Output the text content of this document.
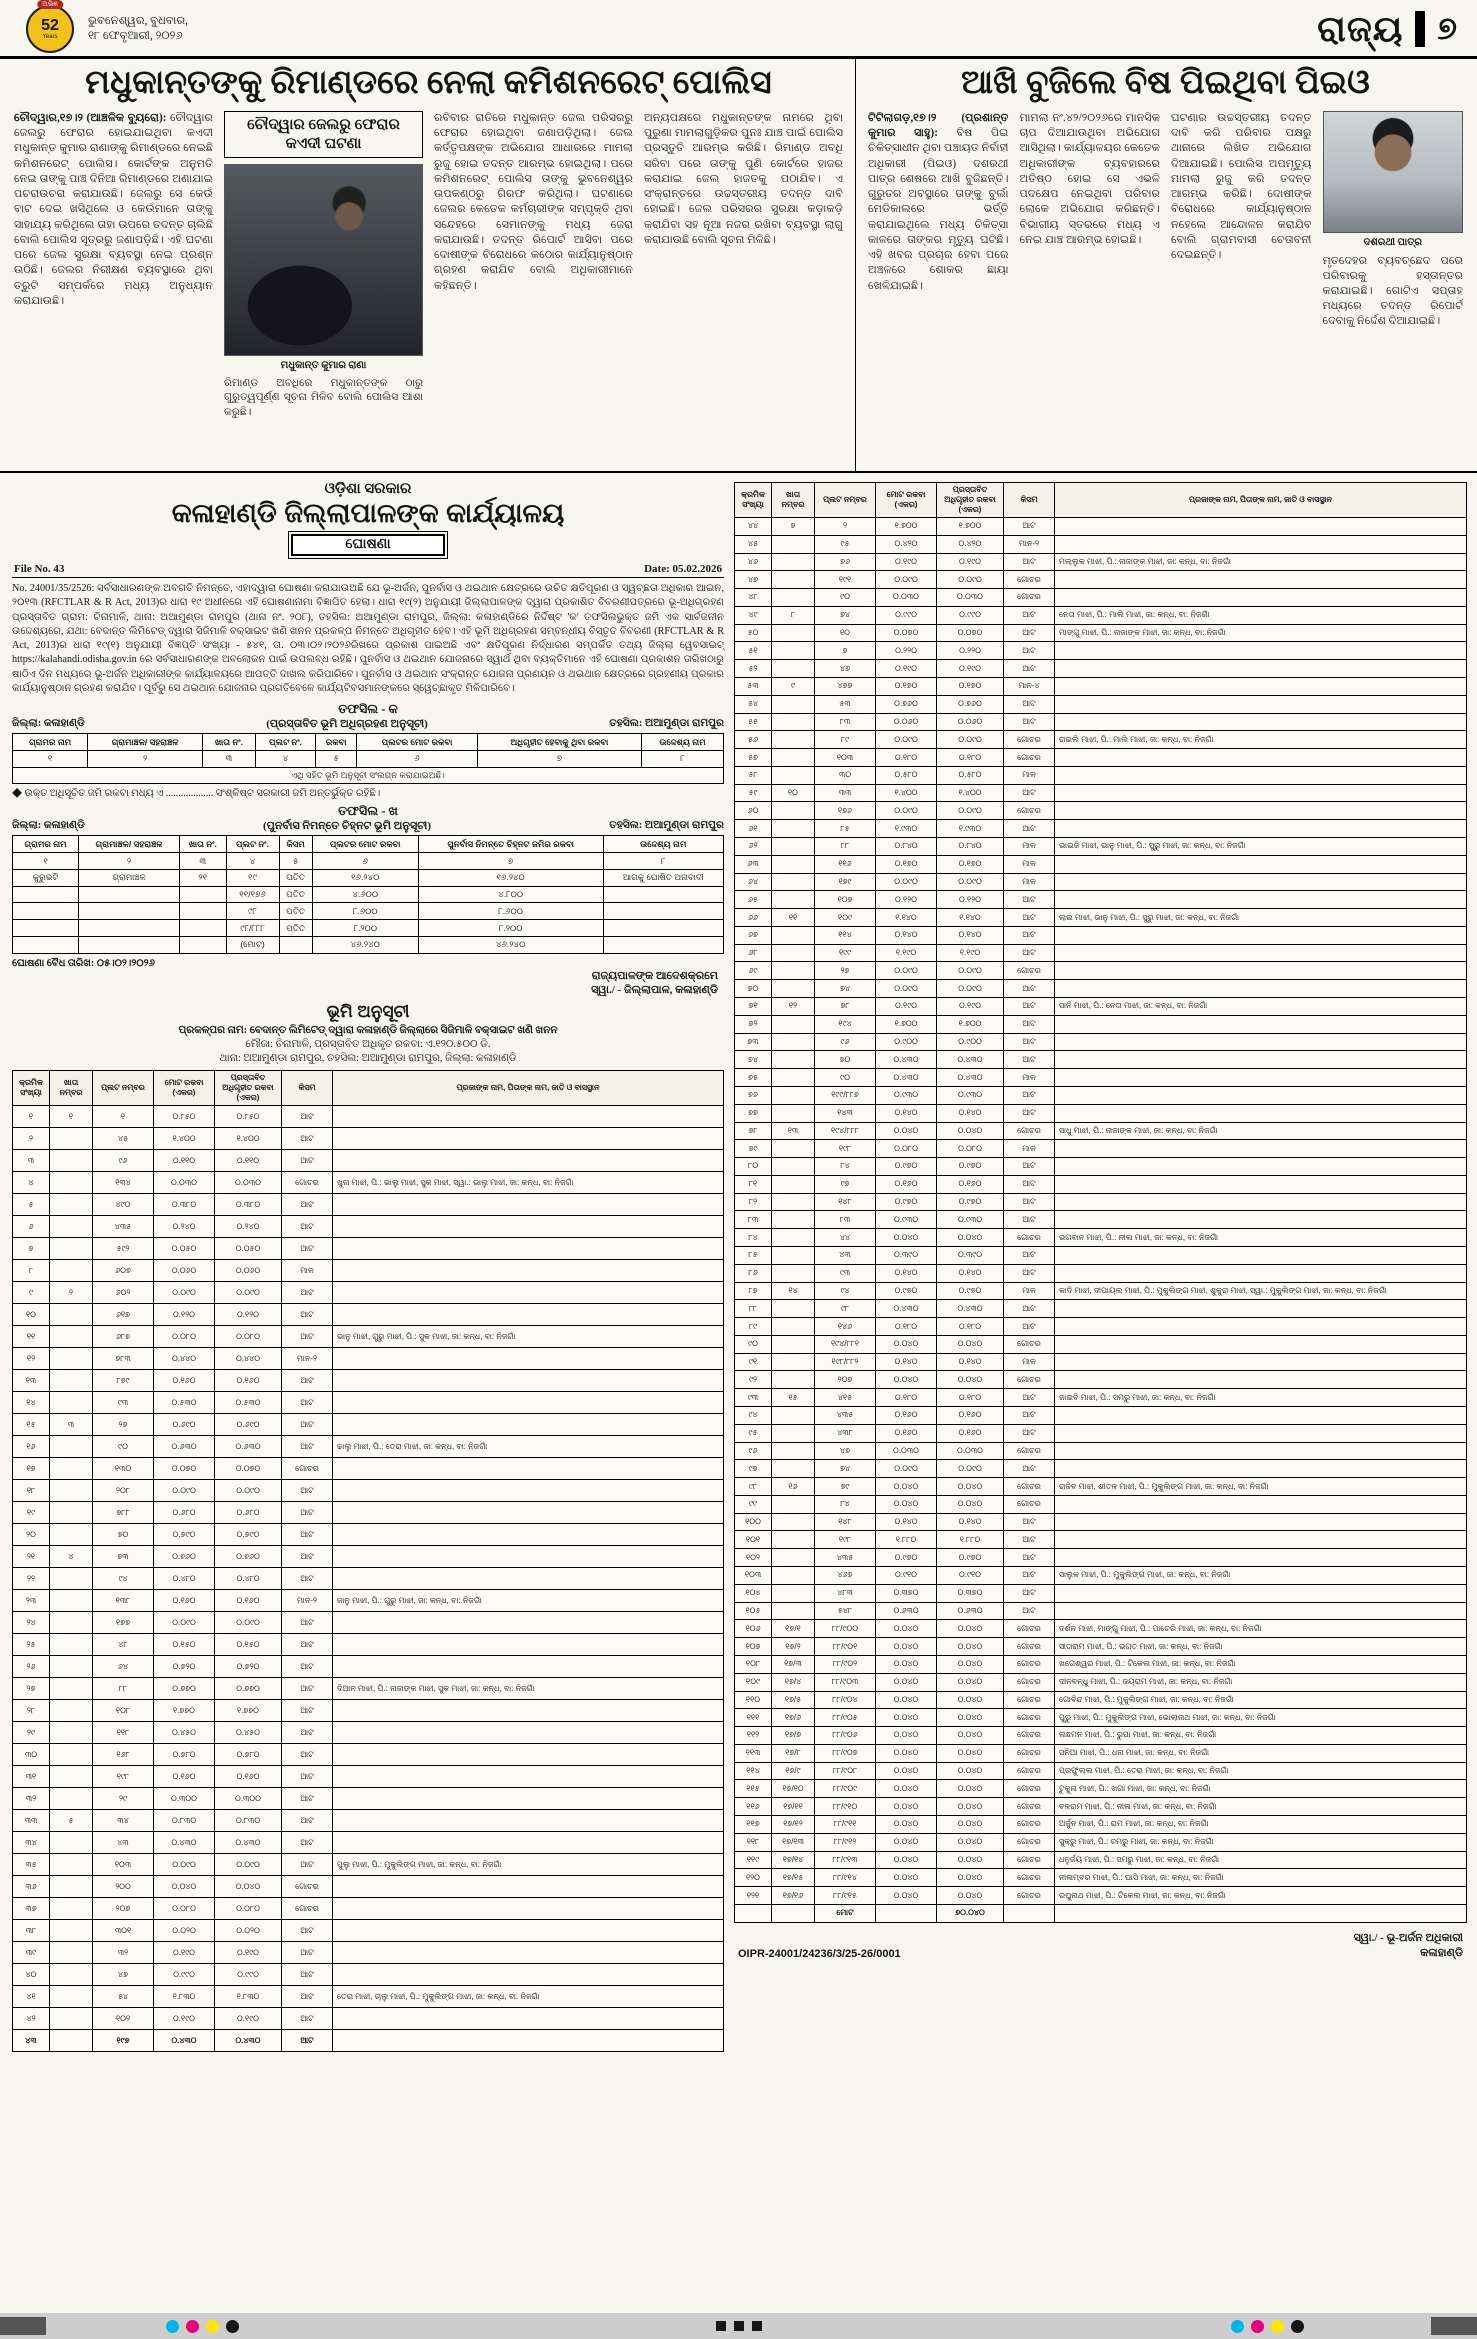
ଅଭିଜ୍ଞ
52
Years
ଭୁବନେଶ୍ୱର, ବୁଧବାର,
୧୮ ଫେବୃଆରୀ, ୨୦୨୬	ରାଜ୍ୟ ୭
ମଧୁକାନ୍ତଙ୍କୁ ରିମାଣ୍ଡରେ ନେଲା କମିଶନରେଟ୍ ପୋଲିସ

ଚୌଦ୍ୱାର,୧୭।୨ (ଆଞ୍ଚଳିକ ବ୍ୟୁରୋ): ଚୌଦ୍ୱାର ଜେଲରୁ ଫେରାର ହୋଇଯାଇଥିବା କଏଦୀ ମଧୁକାନ୍ତ କୁମାର ରାଣାଙ୍କୁ ରିମାଣ୍ଡରେ ନେଇଛି କମିଶନରେଟ୍ ପୋଲିସ। କୋର୍ଟଙ୍କ ଅନୁମତି ନେଇ ତାଙ୍କୁ ପାଞ୍ଚ ଦିନିଆ ରିମାଣ୍ଡରେ ଅଣାଯାଇ ପଚରାଉଚରା କରାଯାଉଛି। ଜେଲରୁ ସେ କେଉଁ ବାଟ ଦେଇ ଖସିଥିଲେ ଓ କେଉଁମାନେ ତାଙ୍କୁ ସାହାଯ୍ୟ କରିଥିଲେ ତାହା ଉପରେ ତଦନ୍ତ ଚାଲିଛି ବୋଲି ପୋଲିସ ସୂତ୍ରରୁ ଜଣାପଡ଼ିଛି। ଏହି ଘଟଣା ପରେ ଜେଲ ସୁରକ୍ଷା ବ୍ୟବସ୍ଥା ନେଇ ପ୍ରଶ୍ନ ଉଠିଛି। ଜେଲର ନିରୀକ୍ଷଣ ବ୍ୟବସ୍ଥାରେ ଥିବା ତ୍ରୁଟି ସମ୍ପର୍କରେ ମଧ୍ୟ ଅନୁଧ୍ୟାନ କରାଯାଉଛି।

ଚୌଦ୍ୱାର ଜେଲରୁ ଫେରାର କଏଦୀ ଘଟଣା
ମଧୁକାନ୍ତ କୁମାର ରାଣା

ରିମାଣ୍ଡ ଅବଧିରେ ମଧୁକାନ୍ତଙ୍କ ଠାରୁ ଗୁରୁତ୍ୱପୂର୍ଣ୍ଣ ସୂଚନା ମିଳିବ ବୋଲି ପୋଲିସ ଆଶା କରୁଛି।

ରବିବାର ରାତିରେ ମଧୁକାନ୍ତ ଜେଲ ପରିସରରୁ ଫେରାର ହୋଇଥିବା ଜଣାପଡ଼ିଥିଲା। ଜେଲ କର୍ତ୍ତୃପକ୍ଷଙ୍କ ଅଭିଯୋଗ ଆଧାରରେ ମାମଲା ରୁଜୁ ହୋଇ ତଦନ୍ତ ଆରମ୍ଭ ହୋଇଥିଲା। ପରେ କମିଶନରେଟ୍ ପୋଲିସ ତାଙ୍କୁ ଭୁବନେଶ୍ୱର ଉପକଣ୍ଠରୁ ଗିରଫ କରିଥିଲା। ଘଟଣାରେ ଜେଲର କେତେକ କର୍ମଚାରୀଙ୍କ ସମ୍ପୃକ୍ତି ଥିବା ସନ୍ଦେହରେ ସେମାନଙ୍କୁ ମଧ୍ୟ ଜେରା କରାଯାଉଛି। ତଦନ୍ତ ରିପୋର୍ଟ ଆସିବା ପରେ ଦୋଷୀଙ୍କ ବିରୋଧରେ କଠୋର କାର୍ଯ୍ୟାନୁଷ୍ଠାନ ଗ୍ରହଣ କରାଯିବ ବୋଲି ଅଧିକାରୀମାନେ କହିଛନ୍ତି।

ଅନ୍ୟପକ୍ଷରେ ମଧୁକାନ୍ତଙ୍କ ନାମରେ ଥିବା ପୁରୁଣା ମାମଲାଗୁଡ଼ିକର ପୁନଃ ଯାଞ୍ଚ ପାଇଁ ପୋଲିସ ପ୍ରସ୍ତୁତି ଆରମ୍ଭ କରିଛି। ରିମାଣ୍ଡ ଅବଧି ସରିବା ପରେ ତାଙ୍କୁ ପୁଣି କୋର୍ଟରେ ହାଜର କରାଯାଇ ଜେଲ ହାଜତକୁ ପଠାଯିବ। ଏ ସଂକ୍ରାନ୍ତରେ ଉଚ୍ଚସ୍ତରୀୟ ତଦନ୍ତ ଦାବି ହୋଇଛି। ଜେଲ ପରିସରର ସୁରକ୍ଷା କଡ଼ାକଡ଼ି କରାଯିବା ସହ ନୂଆ ନଜର ରଖିବା ବ୍ୟବସ୍ଥା ଲାଗୁ କରାଯାଉଛି ବୋଲି ସୂଚନା ମିଳିଛି।

ଆଖି ବୁଜିଲେ ବିଷ ପିଇଥିବା ପିଇଓ

ଟିଟିଲାଗଡ଼,୧୭।୨ (ପ୍ରଶାନ୍ତ କୁମାର ସାହୁ): ବିଷ ପିଇ ଚିକିତ୍ସାଧୀନ ଥିବା ପଞ୍ଚାୟତ ନିର୍ବାହୀ ଅଧିକାରୀ (ପିଇଓ) ଦଶରଥୀ ପାତ୍ର ଶେଷରେ ଆଖି ବୁଜିଛନ୍ତି। ଗୁରୁତର ଅବସ୍ଥାରେ ତାଙ୍କୁ ବୁର୍ଲା ମେଡିକାଲରେ ଭର୍ତ୍ତି କରାଯାଇଥିଲେ ମଧ୍ୟ ଚିକିତ୍ସା କାଳରେ ତାଙ୍କର ମୃତ୍ୟୁ ଘଟିଛି। ଏହି ଖବର ପ୍ରଚାର ହେବା ପରେ ଅଞ୍ଚଳରେ ଶୋକର ଛାୟା ଖେଳିଯାଇଛି।

ମାମଲା ନଂ.୪୨/୨୦୨୬ରେ ମାନସିକ ଚାପ ଦିଆଯାଉଥିବା ଅଭିଯୋଗ ଆସିଥିଲା। କାର୍ଯ୍ୟାଳୟର କେତେକ ଅଧିକାରୀଙ୍କ ବ୍ୟବହାରରେ ଅତିଷ୍ଠ ହୋଇ ସେ ଏଭଳି ପଦକ୍ଷେପ ନେଇଥିବା ପରିବାର ଲୋକେ ଅଭିଯୋଗ କରିଛନ୍ତି। ବିଭାଗୀୟ ସ୍ତରରେ ମଧ୍ୟ ଏ ନେଇ ଯାଞ୍ଚ ଆରମ୍ଭ ହୋଇଛି।

ଘଟଣାର ଉଚ୍ଚସ୍ତରୀୟ ତଦନ୍ତ ଦାବି କରି ପରିବାର ପକ୍ଷରୁ ଥାନାରେ ଲିଖିତ ଅଭିଯୋଗ ଦିଆଯାଇଛି। ପୋଲିସ ଅପମୃତ୍ୟୁ ମାମଲା ରୁଜୁ କରି ତଦନ୍ତ ଆରମ୍ଭ କରିଛି। ଦୋଷୀଙ୍କ ବିରୋଧରେ କାର୍ଯ୍ୟାନୁଷ୍ଠାନ ନହେଲେ ଆନ୍ଦୋଳନ କରାଯିବ ବୋଲି ଗ୍ରାମବାସୀ ଚେତାବନୀ ଦେଇଛନ୍ତି।

ଦଶରଥୀ ପାତ୍ର

ମୃତଦେହର ବ୍ୟବଚ୍ଛେଦ ପରେ ପରିବାରକୁ ହସ୍ତାନ୍ତର କରାଯାଇଛି। ଗୋଟିଏ ସପ୍ତାହ ମଧ୍ୟରେ ତଦନ୍ତ ରିପୋର୍ଟ ଦେବାକୁ ନିର୍ଦ୍ଦେଶ ଦିଆଯାଇଛି।

ଓଡ଼ିଶା ସରକାର
କଳାହାଣ୍ଡି ଜିଲ୍ଲାପାଳଙ୍କ କାର୍ଯ୍ୟାଳୟ
ଘୋଷଣା
File No. 43	Date: 05.02.2026

No. 24001/35/2526: ସର୍ବସାଧାରଣଙ୍କ ଅବଗତି ନିମନ୍ତେ, ଏହାଦ୍ୱାରା ଘୋଷଣା କରାଯାଉଅଛି ଯେ ଭୂ-ଅର୍ଜନ, ପୁନର୍ବାସ ଓ ଥଇଥାନ କ୍ଷେତ୍ରରେ ଉଚିତ କ୍ଷତିପୂରଣ ଓ ସ୍ୱଚ୍ଛତା ଅଧିକାର ଆଇନ, ୨୦୧୩ (RFCTLAR & R Act, 2013)ର ଧାରା ୧୯ ଅଧୀନରେ ଏହି ଘୋଷଣାନାମା ବିଜ୍ଞାପିତ ହେଲା। ଧାରା ୧୯(୨) ଅନୁଯାୟୀ ଜିଲ୍ଲାପାଳଙ୍କ ଦ୍ୱାରା ପ୍ରକାଶିତ ବିବରଣୀପତ୍ରରେ ଭୂ-ଅଧିଗ୍ରହଣ ପ୍ରସ୍ତାବିତ ଗ୍ରାମ: ଚିନାମାଳି, ଥାନା: ଅଆମୁଣ୍ଡା ରାମପୁର (ଥାନା ନଂ. ୨୦୮), ତହସିଲ: ଅଆମୁଣ୍ଡା ରାମପୁର, ଜିଲ୍ଲା: କଳାହାଣ୍ଡିରେ ନିର୍ଦ୍ଦିଷ୍ଟ 'କ' ତଫସିଲଭୁକ୍ତ ଜମି ଏକ ସାର୍ବଜନୀନ ଉଦ୍ଦେଶ୍ୟରେ, ଯଥା: ବେଦାନ୍ତ ଲିମିଟେଡ୍ ଦ୍ୱାରା ସିଜିମାଳି ବକ୍ସାଇଟ ଖଣି ଖନନ ପ୍ରକଳ୍ପ ନିମନ୍ତେ ଅଧିଗୃହୀତ ହେବ। ଏହି ଭୂମି ଅଧିଗ୍ରହଣ ସମ୍ବନ୍ଧୀୟ ବିସ୍ତୃତ ବିବରଣୀ (RFCTLAR & R Act, 2013)ର ଧାରା ୧୯(୧) ଅନୁଯାୟୀ ବିଜ୍ଞପ୍ତି ସଂଖ୍ୟା - ୫୪୧, ତା. ୦୩।୦୨।୨୦୨୬ରିଖରେ ପ୍ରକାଶ ପାଇଅଛି ଏବଂ କ୍ଷତିପୂରଣ ନିର୍ଦ୍ଧାରଣ ସମ୍ପର୍କିତ ତଥ୍ୟ ଜିଲ୍ଲା ୱେବସାଇଟ୍ https://kalahandi.odisha.gov.in ରେ ସର୍ବସାଧାରଣଙ୍କ ଅବଲୋକନ ପାଇଁ ଉପଲବ୍ଧ ରହିଛି। ପୁନର୍ବାସ ଓ ଥଇଥାନ ଯୋଜନାରେ ସ୍ୱାର୍ଥ ଥିବା ବ୍ୟକ୍ତିମାନେ ଏହି ଘୋଷଣା ପ୍ରକାଶନ ତାରିଖଠାରୁ ଷାଠିଏ ଦିନ ମଧ୍ୟରେ ଭୂ-ଅର୍ଜନ ଅଧିକାରୀଙ୍କ କାର୍ଯ୍ୟାଳୟରେ ଆପତ୍ତି ଦାଖଲ କରିପାରିବେ। ପୁନର୍ବାସ ଓ ଥଇଥାନ ସଂକ୍ରାନ୍ତ ଯୋଜନା ପ୍ରଣୟନ ଓ ଥଇଥାନ କ୍ଷେତ୍ରରେ ଗ୍ରହଣୀୟ ପ୍ରକାର କାର୍ଯ୍ୟାନୁଷ୍ଠାନ ଗ୍ରହଣ କରାଯିବ। ପୂର୍ବରୁ ସେ ଥଇଥାନ ଯୋଜନାର ପ୍ରଗତିବେଳେ କାର୍ଯ୍ୟଟିବସମାନଙ୍କରେ ସ୍ୱେଚ୍ଛାକୃତ ମିଳିପାରିବେ।

ତଫସିଲ - କ
ଜିଲ୍ଲା: କଳାହାଣ୍ଡି	(ପ୍ରସ୍ତାବିତ ଭୂମି ଅଧିଗ୍ରହଣ ଅନୁସୂଚୀ)	ତହସିଲ: ଅଆମୁଣ୍ଡା ରାମପୁର
ଗ୍ରାମର ନାମ	ଗ୍ରାମାଞ୍ଚଳ/ ସହରାଞ୍ଚଳ	ଖାତା ନଂ.	ପ୍ଲଟ ନଂ.	ରକବା	ପ୍ଲଟର ମୋଟ ରକବା	ଅଧିଗୃହୀତ ହେବାକୁ ଥିବା ରକବା	ଉଦ୍ଦେଶ୍ୟ ନାମ
୧	୨	୩	୪	୫	୬	୭	୮
ଏଥି ସହିତ ଭୂମି ଅନୁସୂଚୀ ସଂଲଗ୍ନ କରାଯାଇଅଛି।							

◆ ଉକ୍ତ ଅଧିସୂଚିତ ଜମି ରକବା ମଧ୍ୟ ଏ ................... ସଂଶ୍ଳିଷ୍ଟ ସରକାରୀ ଜମି ଅନ୍ତର୍ଭୁକ୍ତ ରହିଛି।

ତଫସିଲ - ଖ
ଜିଲ୍ଲା: କଳାହାଣ୍ଡି	(ପୁନର୍ବାସ ନିମନ୍ତେ ଚିହ୍ନଟ ଭୂମି ଅନୁସୂଚୀ)	ତହସିଲ: ଅଆମୁଣ୍ଡା ରାମପୁର
ଗ୍ରାମର ନାମ	ଗ୍ରାମାଞ୍ଚଳ/ ସହରାଞ୍ଚଳ	ଖାତା ନଂ.	ପ୍ଲଟ ନଂ.	କିସମ	ପ୍ଲଟର ମୋଟ ରକବା	ପୁନର୍ବାସ ନିମନ୍ତେ ଚିହ୍ନଟ ଜମିର ରକବା	ଉଦ୍ଦେଶ୍ୟ ନାମ
୧	୨	୩	୪	୫	୬	୭	୮
କୁରୁଭଟି	ଗ୍ରାମାଞ୍ଚଳ	୨୧	୧୯	ପତିତ	୧୬.୨୪୦	୧୬.୨୪୦	ଆଗକୁ ଘୋଷିତ ଅନାବାଦୀ
			୧୧/୧୭୬	ପତିତ	୪.୬୦୦	୪.୮୦୦	
			୯୮	ପତିତ	୮.୬୦୦	୮.୬୦୦	
			୯୮/୮୮୮	ପତିତ	୮.୨୦୦	୮.୨୦୦	
			(ମୋଟ)		୪୬.୨୪୦	୪୬.୨୪୦	
ଘୋଷଣା ବୈଧ ତାରିଖ: ୦୫।୦୨।୨୦୨୬
ରାଜ୍ୟପାଳଙ୍କ ଆଦେଶକ୍ରମେ
ସ୍ୱା./ - ଜିଲ୍ଲାପାଳ, କଳାହାଣ୍ଡି
ଭୂମି ଅନୁସୂଚୀ

ପ୍ରକଳ୍ପର ନାମ: ବେଦାନ୍ତ ଲିମିଟେଡ୍ ଦ୍ୱାରା କଳାହାଣ୍ଡି ଜିଲ୍ଲାରେ ସିଜିମାଳି ବକ୍ସାଇଟ ଖଣି ଖନନ

ମୌଜା: ଚିନାମାଳି, ପ୍ରସ୍ତାବିତ ଅଧିକୃତ ରକବା: ଏ.୧୨୦.୫୦୦ ଡି.

ଥାନା: ଅଆମୁଣ୍ଡା ରାମପୁର, ତହସିଲ: ଅଆମୁଣ୍ଡା ରାମପୁର, ଜିଲ୍ଲା: କଳାହାଣ୍ଡି

କ୍ରମିକ ସଂଖ୍ୟା	ଖାତା ନମ୍ବର	ପ୍ଲଟ ନମ୍ବର	ମୋଟ ରକବା (ଏକର)	ପ୍ରସ୍ତାବିତ ଅଧିଗୃହୀତ ରକବା (ଏକର)	କିସମ	ପ୍ରଜାଙ୍କ ନାମ, ପିତାଙ୍କ ନାମ, ଜାତି ଓ ବାସସ୍ଥାନ
୧	୧	୧	୦.୮୫୦	୦.୮୫୦	ଆଟ	
୨		୪୫	୧.୪୦୦	୧.୪୦୦	ଆଟ	
୩		୯୬	୦.୧୧୦	୦.୧୧୦	ଆଟ	
୪		୧୩୪	୦.୦୩୦	୦.୦୩୦	ଗୋଚର	ଖୁନା ମାଝୀ, ପି.: ଭାଲୁ ମାଝୀ, ସୁକ ମାଝୀ, ସ୍ୱା.: ଭାଲୁ ମାଝୀ, ଜା: କନ୍ଧ, ବା: ନିଜଗାଁ
୫		୪୯୦	୦.୩୮୦	୦.୩୮୦	ଆଟ	
୬		୪୩୫	୦.୨୪୦	୦.୨୪୦	ଆଟ	
୭		୫୯୨	୦.୦୫୦	୦.୦୫୦	ଆଟ	
୮		୬୦୭	୦.୦୬୦	୦.୦୬୦	ମାଳ	
୯	୨	୬୦୨	୦.୦୯୦	୦.୦୯୦	ଆଟ	
୧୦		୬୧୭	୦.୧୨୦	୦.୧୨୦	ଆଟ	
୧୧		୬୮୭	୦.୦୮୦	୦.୦୮୦	ଆଟ	ଭାନୁ ମାଝୀ, ଗୁରୁ ମାଝୀ, ପି.: ସୁକ ମାଝୀ, ଜା: କନ୍ଧ, ବା: ନିଜଗାଁ
୧୨		୭୮୩	୦.୪୪୦	୦.୪୪୦	ମାନ-୨	
୧୩		୮୭୯	୦.୧୬୦	୦.୧୬୦	ଆଟ	
୧୪		୯୩	୦.୫୩୦	୦.୫୩୦	ଆଟ	
୧୫	୩	୨୭	୦.୬୯୦	୦.୬୯୦	ଆଟ	
୧୬		୯୦	୦.୬୩୦	୦.୬୩୦	ଆଟ	ଢାଲୁ ମାଝୀ, ପି.: ତେରା ମାଝୀ, ଜା: କନ୍ଧ, ବା: ନିଜଗାଁ
୧୭		୧୩୦	୦.୦୭୦	୦.୦୭୦	ଗୋଚର	
୧୮		୨୦୮	୦.୦୯୦	୦.୦୯୦	ଆଟ	
୧୯		୭୮୮	୦.୬୮୦	୦.୬୮୦	ଆଟ	
୨୦		୭୦	୦.୭୯୦	୦.୭୯୦	ଆଟ	
୨୧	୪	୭୩	୦.୭୬୦	୦.୭୬୦	ଆଟ	
୨୨		୯୪	୦.୪୮୦	୦.୪୮୦	ଆଟ	
୨୩		୧୩୮	୦.୧୬୦	୦.୧୬୦	ମାନ-୨	ଜାନୁ ମାଝୀ, ପି.: ଗୁରୁ ମାଝୀ, ଜା: କନ୍ଧ, ବା: ନିଜଗାଁ
୨୪		୧୭୭	୦.୦୯୦	୦.୦୯୦	ଆଟ	
୨୫		୪୮	୦.୧୫୦	୦.୧୫୦	ଆଟ	
୨୬		୬୪	୦.୭୨୦	୦.୭୨୦	ଆଟ	
୨୭		୮୮	୦.୭୭୦	୦.୭୭୦	ଆଟ	ଦିଆନ ମାଝୀ, ପି.: ନାଜାଙ୍କ ମାଝୀ, ସୁକ ମାଝୀ, ଜା: କନ୍ଧ, ବା: ନିଜଗାଁ
୨୮		୧୦୮	୧.୭୭୦	୧.୭୭୦	ଆଟ	
୨୯		୧୧୮	୦.୪୫୦	୦.୪୫୦	ଆଟ	
୩୦		୧୬୮	୦.୭୮୦	୦.୭୮୦	ଆଟ	
୩୧		୧୯୮	୦.୧୬୦	୦.୧୬୦	ଆଟ	
୩୨		୨୯	୦.୩୦୦	୦.୩୦୦	ଆଟ	
୩୩	୫	୩୪	୦.୮୩୦	୦.୮୩୦	ଆଟ	
୩୪		୪୩	୦.୪୩୦	୦.୪୩୦	ଆଟ	
୩୫		୧୦୩	୦.୦୯୦	୦.୦୯୦	ଆଟ	ପୁଲୁ ମାଝୀ, ପି.: ମୁକୁଲିଙ୍ଗ ମାଝୀ, ଜା: କନ୍ଧ, ବା: ନିଜଗାଁ
୩୬		୨୦୦	୦.୦୪୦	୦.୦୪୦	ଗୋଚର	
୩୭		୨୦୭	୦.୦୮୦	୦.୦୮୦	ଗୋଚର	
୩୮		୩୦୧	୦.୦୨୦	୦.୦୨୦	ଆଟ	
୩୯		୩୨	୦.୧୯୦	୦.୧୯୦	ଆଟ	
୪୦		୪୭	୦.୯୯୦	୦.୯୯୦	ଆଟ	
୪୧		୫୪	୧.୮୩୦	୧.୮୩୦	ଆଟ	ତେରା ମାଝୀ, ଚାଲୁ ମାଝୀ, ପି.: ମୁକୁଲିଙ୍ଗ ମାଝୀ, ଜା: କନ୍ଧ, ବା: ନିଜଗାଁ
୪୨		୧୦୨	୦.୧୯୦	୦.୧୯୦	ଆଟ	
୪୩		୧୯୭	୦.୪୩୦	୦.୪୩୦	ଆଟ	
କ୍ରମିକ ସଂଖ୍ୟା	ଖାତା ନମ୍ବର	ପ୍ଲଟ ନମ୍ବର	ମୋଟ ରକବା (ଏକର)	ପ୍ରସ୍ତାବିତ ଅଧିଗୃହୀତ ରକବା (ଏକର)	କିସମ	ପ୍ରଜାଙ୍କ ନାମ, ପିତାଙ୍କ ନାମ, ଜାତି ଓ ବାସସ୍ଥାନ
୪୪	୭	୨	୧.୭୦୦	୧.୭୦୦	ଆଟ	
୪୫		୯୫	୦.୪୨୦	୦.୪୨୦	ମାନ-୨	
୪୬		୭୬	୦.୧୯୦	୦.୧୯୦	ଆଟ	ମଲ୍ଲୁକ ମାଝୀ, ପି.: ନାଜାଙ୍କ ମାଝୀ, ଜା: କନ୍ଧ, ବା: ନିଜଗାଁ
୪୭		୧୯୧	୦.୦୯୦	୦.୦୯୦	ଗୋଚର	
୪୮		୯୦	୦.୦୩୦	୦.୦୩୦	ଗୋଚର	
୪୯	୮	୭୪	୦.୯୯୦	୦.୯୯୦	ଆଟ	ନେତା ମାଝୀ, ପି.: ମାଲି ମାଝୀ, ଜା: କନ୍ଧ, ବା: ନିଜଗାଁ
୫୦		୧୦	୦.୦୭୦	୦.୦୭୦	ଆଟ	ମାଙ୍ଗୁ ମାଝୀ, ପି.: ନାଜାଙ୍କ ମାଝୀ, ଜା: କନ୍ଧ, ବା: ନିଜଗାଁ
୫୧		୭	୦.୨୨୦	୦.୨୨୦	ଆଟ	
୫୨		୪୭	୦.୧୯୦	୦.୧୯୦	ଆଟ	
୫୩	୯	୪୭୭	୦.୧୭୦	୦.୧୭୦	ମାନ-୪	
୫୪		୫୩	୦.୭୬୦	୦.୭୬୦	ଆଟ	
୫୫		୮୩	୦.୦୬୦	୦.୦୬୦	ଆଟ	
୫୬		୮୯	୦.୦୯୦	୦.୦୯୦	ଗୋଚର	ରାଇଲି ମାଝୀ, ପି.: ମାଲି ମାଝୀ, ଜା: କନ୍ଧ, ବା: ନିଜଗାଁ
୫୭		୧୦୩	୦.୧୮୦	୦.୧୮୦	ଗୋଚର	
୫୮		୩୦	୦.୫୮୦	୦.୫୮୦	ମାଳ	
୫୯	୧୦	୩୩	୧.୪୦୦	୧.୪୦୦	ଆଟ	
୬୦		୧୭୬	୦.୦୯୦	୦.୦୯୦	ଗୋଚର	
୬୧		୮୫	୧.୯୩୦	୧.୯୩୦	ଆଟ	
୬୨		୮୮	୦.୮୪୦	୦.୮୪୦	ମାଳ	ଭାଇଜି ମାଝୀ, ଭାନୁ ମାଝୀ, ପି.: ସୁରୁ ମାଝୀ, ଜା: କନ୍ଧ, ବା: ନିଜଗାଁ
୬୩		୧୧୬	୦.୧୭୦	୦.୧୭୦	ମାଳ	
୬୪		୧୭୯	୦.୦୯୦	୦.୦୯୦	ମାଳ	
୬୫		୧୦୭	୦.୧୨୦	୦.୧୨୦	ଆଟ	
୬୬	୧୧	୧୦୯	୧.୧୪୦	୧.୧୪୦	ଆଟ	ଲାଇ ମାଝୀ, ଭାନୁ ମାଝୀ, ପି.: ସୁରୁ ମାଝୀ, ଜା: କନ୍ଧ, ବା: ନିଜଗାଁ
୬୭		୧୧୪	୦.୧୪୦	୦.୧୪୦	ଆଟ	
୬୮		୧୯୯	୧.୧୯୦	୧.୧୯୦	ଆଟ	
୬୯		୨୭	୦.୦୯୦	୦.୦୯୦	ଗୋଚର	
୭୦		୭୪	୦.୦୯୦	୦.୦୯୦	ଆଟ	
୭୧	୧୨	୭୮	୦.୧୯୦	୦.୧୯୦	ଆଟ	ସାନି ମାଝୀ, ପି.: ନେତା ମାଝୀ, ଜା: କନ୍ଧ, ବା: ନିଜଗାଁ
୭୨		୧୯୪	୧.୭୦୦	୧.୭୦୦	ଆଟ	
୭୩		୯୬	୦.୯୦୦	୦.୯୦୦	ଆଟ	
୭୪		୭୦	୦.୪୩୦	୦.୪୩୦	ଆଟ	
୭୫		୯୦	୦.୪୩୦	୦.୪୩୦	ମାଳ	
୭୬		୧୯୯/୮୮୭	୦.୯୩୦	୦.୯୩୦	ଆଟ	
୭୭		୧୪୩	୦.୧୪୦	୦.୧୪୦	ଆଟ	
୭୮	୧୩	୧୯୪/୮୮୮	୦.୦୪୦	୦.୦୪୦	ଗୋଚର	ସାଧୁ ମାଝୀ, ପି.: ନାଜାଙ୍କ ମାଝୀ, ଜା: କନ୍ଧ, ବା: ନିଜଗାଁ
୭୯		୧୯୮	୦.୦୮୦	୦.୦୮୦	ମାଳ	
୮୦		୮୪	୦.୯୭୦	୦.୯୭୦	ଆଟ	
୮୧		୯୭	୦.୧୬୦	୦.୧୬୦	ଆଟ	
୮୨		୧୪୮	୦.୯୭୦	୦.୯୭୦	ଆଟ	
୮୩		୮୩	୦.୯୩୦	୦.୯୩୦	ଆଟ	
୮୪		୪୪	୦.୦୪୦	୦.୦୪୦	ଗୋଚର	ଭଗବାନ ମାଝୀ, ପି.: ନୀଳା ମାଝୀ, ଜା: କନ୍ଧ, ବା: ନିଜଗାଁ
୮୫		୪୩	୦.୩୯୦	୦.୩୯୦	ଆଟ	
୮୬		୯୩	୦.୧୪୦	୦.୧୪୦	ଆଟ	
୮୭	୧୪	୯୪	୦.୯୭୦	୦.୯୭୦	ମାଳ	କାଦି ମାଝୀ, ଦୀପାୟଲ ମାଝୀ, ପି.: ମୁକୁଲିଙ୍ଗ ମାଝୀ, ଶୁକୁରା ମାଝୀ, ସ୍ୱା.: ମୁକୁଲିଙ୍ଗ ମାଝୀ, ଜା: କନ୍ଧ, ବା: ନିଜଗାଁ
୮୮		୯୮	୦.୪୩୦	୦.୪୩୦	ଆଟ	
୮୯		୧୪୬	୦.୧୮୦	୦.୧୮୦	ଆଟ	
୯୦		୧୯୪/୮୮୧	୦.୦୪୦	୦.୦୪୦	ଗୋଚର	
୯୧		୧୯୮/୮୮୨	୦.୧୪୦	୦.୧୪୦	ମାଳ	
୯୨		୨୦୭	୦.୦୪୦	୦.୦୪୦	ଗୋଚର	
୯୩	୧୫	୪୧୫	୦.୧୮୦	୦.୧୮୦	ଆଟ	ଜାଇବି ମାଝୀ, ପି.: ସମରୁ ମାଝୀ, ଜା: କନ୍ଧ, ବା: ନିଜଗାଁ
୯୪		୪୩୫	୦.୧୬୦	୦.୧୬୦	ଆଟ	
୯୫		୪୩୮	୦.୧୬୦	୦.୧୬୦	ଆଟ	
୯୬		୪୭	୦.୦୩୦	୦.୦୩୦	ଗୋଚର	
୯୭		୭୪	୦.୦୯୦	୦.୦୯୦	ଆଟ	
୯୮	୧୬	୭୯	୦.୦୪୦	୦.୦୪୦	ଗୋଚର	ରାଜିବ ମାଝୀ, ଶୀତଳ ମାଝୀ, ପି.: ମୁକୁଲିଙ୍ଗ ମାଝୀ, ଜା: କନ୍ଧ, ବା: ନିଜଗାଁ
୯୯		୮୪	୦.୦୪୦	୦.୦୪୦	ଗୋଚର	
୧୦୦		୧୪୮	୦.୧୪୦	୦.୧୪୦	ଆଟ	
୧୦୧		୧୯୮	୧.୮୮୦	୧.୮୮୦	ଆଟ	
୧୦୨		୪୩୫	୦.୯୭୦	୦.୯୭୦	ଆଟ	
୧୦୩		୪୬୭	୦.୯୧୦	୦.୯୧୦	ଆଟ	ସାଲୁକ ମାଝୀ, ପି.: ମୁକୁଲିଙ୍ଗ ମାଝୀ, ଜା: କନ୍ଧ, ବା: ନିଜଗାଁ
୧୦୪		୪୮୩	୦.୩୭୦	୦.୩୭୦	ଆଟ	
୧୦୫		୫୪୮	୦.୬୩୦	୦.୬୩୦	ଆଟ	
୧୦୬	୧୭/୧	୮୮/୯୦୦	୦.୦୪୦	୦.୦୪୦	ଗୋଚର	ଦର୍ଶନ ମାଝୀ, ମାଙ୍ଗୁ ମାଝୀ, ପି.: ପାଚେରି ମାଝୀ, ଜା: କନ୍ଧ, ବା: ନିଜଗାଁ
୧୦୭	୧୭/୨	୮୮/୯୦୧	୦.୦୪୦	୦.୦୪୦	ଗୋଚର	ସୀତାରାମ ମାଝୀ, ପି.: ଭଗତ ମାଝୀ, ଜା: କନ୍ଧ, ବା: ନିଜଗାଁ
୧୦୮	୧୭/୩	୮୮/୯୦୨	୦.୦୪୦	୦.୦୪୦	ଗୋଚର	ଖଗେଶ୍ୱର ମାଝୀ, ପି.: ଟିକେଲ ମାଝୀ, ଜା: କନ୍ଧ, ବା: ନିଜଗାଁ
୧୦୯	୧୭/୪	୮୮/୯୦୩	୦.୦୪୦	୦.୦୪୦	ଗୋଚର	ଦୀନବନ୍ଧୁ ମାଝୀ, ପି.: ଜୟରାମ ମାଝୀ, ଜା: କନ୍ଧ, ବା: ନିଜଗାଁ
୧୧୦	୧୭/୫	୮୮/୯୦୪	୦.୦୪୦	୦.୦୪୦	ଗୋଚର	ଗୋବିନ୍ଦ ମାଝୀ, ପି.: ମୁକୁଲିଙ୍ଗ ମାଝୀ, ଜା: କନ୍ଧ, ବା: ନିଜଗାଁ
୧୧୧	୧୭/୬	୮୮/୯୦୫	୦.୦୪୦	୦.୦୪୦	ଗୋଚର	ପୁରୁ ମାଝୀ, ପି.: ମୁକୁଲିଙ୍ଗ ମାଝୀ, ଭୋଲାନାଥ ମାଝୀ, ଜା: କନ୍ଧ, ବା: ନିଜଗାଁ
୧୧୨	୧୭/୭	୮୮/୯୦୬	୦.୦୪୦	୦.୦୪୦	ଗୋଚର	ଲଛମନ ମାଝୀ, ପି.: ରୁପା ମାଝୀ, ଜା: କନ୍ଧ, ବା: ନିଜଗାଁ
୧୧୩	୧୭/୮	୮୮/୯୦୭	୦.୦୪୦	୦.୦୪୦	ଗୋଚର	ସନିଆ ମାଝୀ, ପି.: ଧନା ମାଝୀ, ଜା: କନ୍ଧ, ବା: ନିଜଗାଁ
୧୧୪	୧୭/୯	୮୮/୯୦୮	୦.୦୪୦	୦.୦୪୦	ଗୋଚର	ପ୍ରଫୁଲ୍ଲ ମାଝୀ, ପି.: ତେରା ମାଝୀ, ଜା: କନ୍ଧ, ବା: ନିଜଗାଁ
୧୧୫	୧୭/୧୦	୮୮/୯୦୯	୦.୦୪୦	୦.୦୪୦	ଗୋଚର	ଟୁକୁନା ମାଝୀ, ପି.: ଖଗା ମାଝୀ, ଜା: କନ୍ଧ, ବା: ନିଜଗାଁ
୧୧୬	୧୭/୧୧	୮୮/୯୧୦	୦.୦୪୦	୦.୦୪୦	ଗୋଚର	ବଳରାମ ମାଝୀ, ପି.: ନୀଳା ମାଝୀ, ଜା: କନ୍ଧ, ବା: ନିଜଗାଁ
୧୧୭	୧୭/୧୨	୮୮/୯୧୧	୦.୦୪୦	୦.୦୪୦	ଗୋଚର	ଅର୍ଜୁନ ମାଝୀ, ପି.: ରାମ ମାଝୀ, ଜା: କନ୍ଧ, ବା: ନିଜଗାଁ
୧୧୮	୧୭/୧୩	୮୮/୯୧୨	୦.୦୪୦	୦.୦୪୦	ଗୋଚର	ସୁକ୍ରୁ ମାଝୀ, ପି.: ଚମରୁ ମାଝୀ, ଜା: କନ୍ଧ, ବା: ନିଜଗାଁ
୧୧୯	୧୭/୧୪	୮୮/୯୧୩	୦.୦୪୦	୦.୦୪୦	ଗୋଚର	ଧନୁର୍ଜୟ ମାଝୀ, ପି.: ସମରୁ ମାଝୀ, ଜା: କନ୍ଧ, ବା: ନିଜଗାଁ
୧୨୦	୧୭/୧୫	୮୮/୯୧୪	୦.୦୪୦	୦.୦୪୦	ଗୋଚର	ନୀଳାମ୍ବର ମାଝୀ, ପି.: ଘାସି ମାଝୀ, ଜା: କନ୍ଧ, ବା: ନିଜଗାଁ
୧୨୧	୧୭/୧୬	୮୮/୯୧୫	୦.୦୪୦	୦.୦୪୦	ଗୋଚର	ରଘୁନାଥ ମାଝୀ, ପି.: ଟିକେଲ ମାଝୀ, ଜା: କନ୍ଧ, ବା: ନିଜଗାଁ
		ମୋଟ		୭୦.୦୪୦		
OIPR-24001/24236/3/25-26/0001
ସ୍ୱା./ - ଭୂ-ଅର୍ଜନ ଅଧିକାରୀ
କଳାହାଣ୍ଡି
